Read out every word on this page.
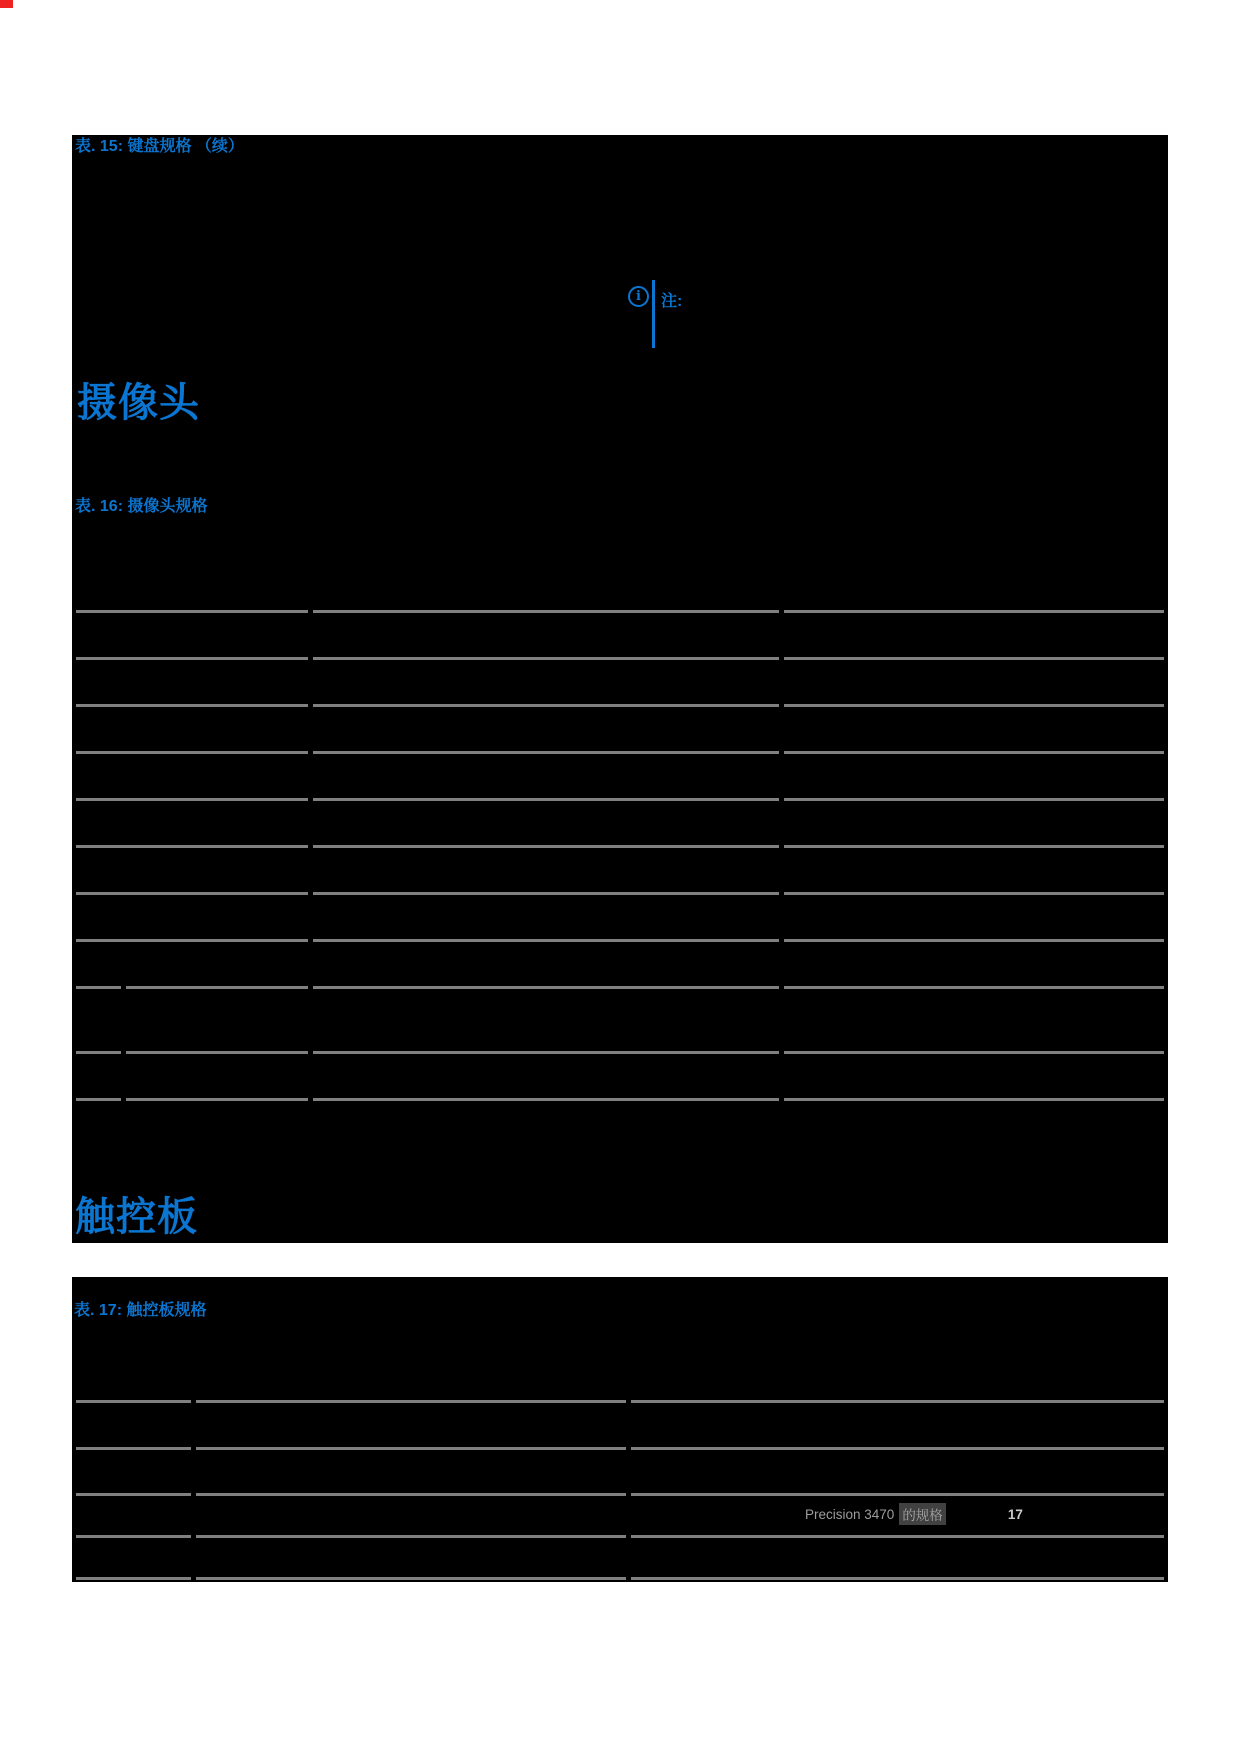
表. 15: 键盘规格 （续）
i 注:
摄像头
表. 16: 摄像头规格
触控板
表. 17: 触控板规格
Precision 3470 的规格	17
